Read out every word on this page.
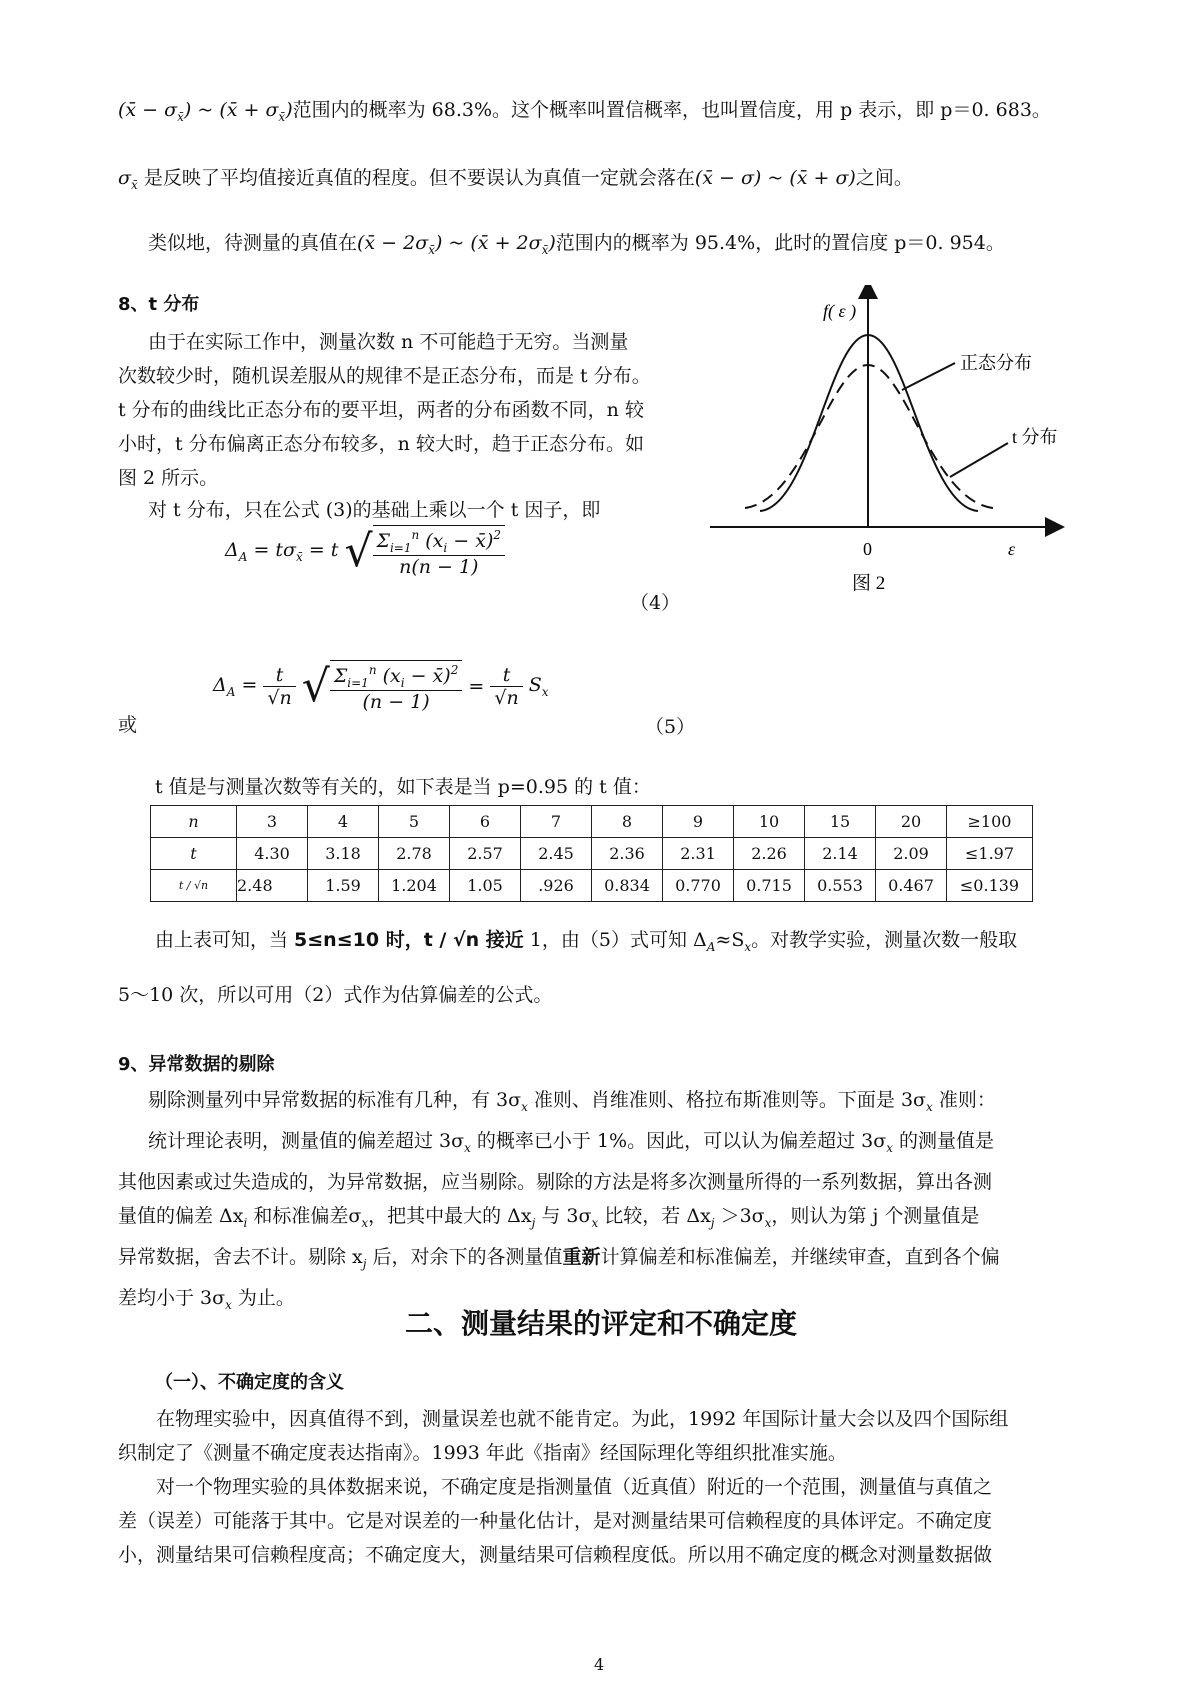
(x̄ − $\sigma_{x̄}$) ~ (x̄ + $\sigma_{x̄}$)范围内的概率为 68.3%。这个概率叫置信概率，也叫置信度，用 p 表示，即 p＝0. 683。
$\sigma_{x̄}$ 是反映了平均值接近真值的程度。但不要误认为真值一定就会落在(x̄ − σ) ~ (x̄ + σ)之间。
类似地，待测量的真值在(x̄ − $2\sigma_{x̄}$) ~ (x̄ + $2\sigma_{x̄}$)范围内的概率为 95.4%，此时的置信度 p＝0. 954。
8、t 分布
由于在实际工作中，测量次数 n 不可能趋于无穷。当测量
次数较少时，随机误差服从的规律不是正态分布，而是 t 分布。
t 分布的曲线比正态分布的要平坦，两者的分布函数不同，n 较
小时，t 分布偏离正态分布较多，n 较大时，趋于正态分布。如
图 2 所示。
对 t 分布，只在公式 (3)的基础上乘以一个 t 因子，即
f( ε )
正态分布
t 分布
0	ε
图 2
$\Delta_A = t\sigma_{x̄} = t$ √ $\frac{\Sigma_{i=1}^n (x_i - x̄)^2}{n(n - 1)}$
（4）
或
$\Delta_A = \frac{t}{√n}$ √ $\frac{\Sigma_{i=1}^n (x_i - x̄)^2}{(n - 1)} = \frac{t}{√n} S_x$
（5）
t 值是与测量次数等有关的，如下表是当 p=0.95 的 t 值：
n	3	4	5	6	7	8	9	10	15	20	≥100
t	4.30	3.18	2.78	2.57	2.45	2.36	2.31	2.26	2.14	2.09	≤1.97
t / √n	2.48	1.59	1.204	1.05	.926	0.834	0.770	0.715	0.553	0.467	≤0.139
由上表可知，当 5≤n≤10 时，t / √n 接近 1，由（5）式可知 $\Delta_A\approx S_x$。对教学实验，测量次数一般取
5～10 次，所以可用（2）式作为估算偏差的公式。
9、异常数据的剔除
剔除测量列中异常数据的标准有几种，有 $3\sigma_x$ 准则、肖维准则、格拉布斯准则等。下面是 $3\sigma_x$ 准则：
统计理论表明，测量值的偏差超过 $3\sigma_x$ 的概率已小于 1%。因此，可以认为偏差超过 $3\sigma_x$ 的测量值是
其他因素或过失造成的，为异常数据，应当剔除。剔除的方法是将多次测量所得的一系列数据，算出各测
量值的偏差 $\Delta x_i$ 和标准偏差$\sigma_x$，把其中最大的 $\Delta x_j$ 与 $3\sigma_x$ 比较，若 $\Delta x_j >3\sigma_x$，则认为第 j 个测量值是
异常数据，舍去不计。剔除 $x_j$ 后，对余下的各测量值重新计算偏差和标准偏差，并继续审查，直到各个偏
差均小于 $3\sigma_x$ 为止。
二、测量结果的评定和不确定度
（一）、不确定度的含义
在物理实验中，因真值得不到，测量误差也就不能肯定。为此，1992 年国际计量大会以及四个国际组
织制定了《测量不确定度表达指南》。1993 年此《指南》经国际理化等组织批准实施。
对一个物理实验的具体数据来说，不确定度是指测量值（近真值）附近的一个范围，测量值与真值之
差（误差）可能落于其中。它是对误差的一种量化估计，是对测量结果可信赖程度的具体评定。不确定度
小，测量结果可信赖程度高；不确定度大，测量结果可信赖程度低。所以用不确定度的概念对测量数据做
4
